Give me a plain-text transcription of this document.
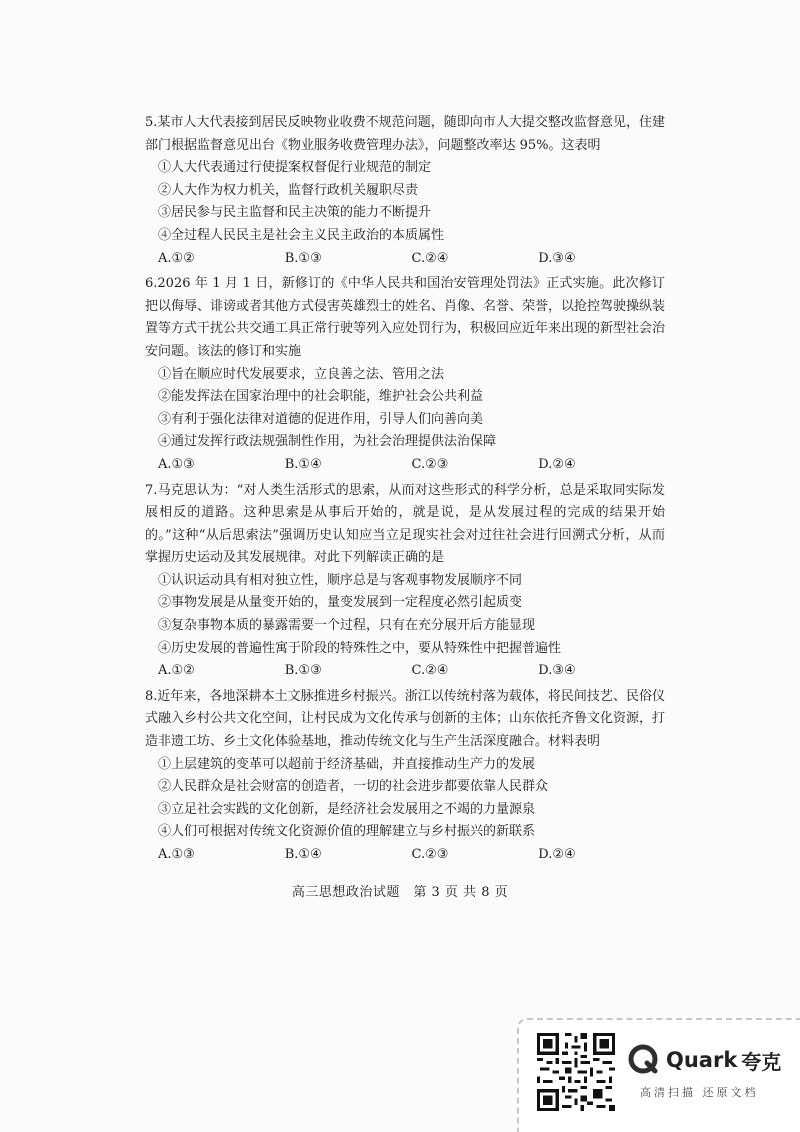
5.某市人大代表接到居民反映物业收费不规范问题，随即向市人大提交整改监督意见，住建部门根据监督意见出台《物业服务收费管理办法》，问题整改率达 95%。这表明
①人大代表通过行使提案权督促行业规范的制定
②人大作为权力机关，监督行政机关履职尽责
③居民参与民主监督和民主决策的能力不断提升
④全过程人民民主是社会主义民主政治的本质属性
A.①②	B.①③	C.②④	D.③④
6.2026 年 1 月 1 日，新修订的《中华人民共和国治安管理处罚法》正式实施。此次修订把以侮辱、诽谤或者其他方式侵害英雄烈士的姓名、肖像、名誉、荣誉，以抢控驾驶操纵装置等方式干扰公共交通工具正常行驶等列入应处罚行为，积极回应近年来出现的新型社会治安问题。该法的修订和实施
①旨在顺应时代发展要求，立良善之法、管用之法
②能发挥法在国家治理中的社会职能，维护社会公共利益
③有利于强化法律对道德的促进作用，引导人们向善向美
④通过发挥行政法规强制性作用，为社会治理提供法治保障
A.①③	B.①④	C.②③	D.②④
7.马克思认为：“对人类生活形式的思索，从而对这些形式的科学分析，总是采取同实际发展相反的道路。这种思索是从事后开始的，就是说，是从发展过程的完成的结果开始的。”这种“从后思索法”强调历史认知应当立足现实社会对过往社会进行回溯式分析，从而掌握历史运动及其发展规律。对此下列解读正确的是
①认识运动具有相对独立性，顺序总是与客观事物发展顺序不同
②事物发展是从量变开始的，量变发展到一定程度必然引起质变
③复杂事物本质的暴露需要一个过程，只有在充分展开后方能显现
④历史发展的普遍性寓于阶段的特殊性之中，要从特殊性中把握普遍性
A.①②	B.①③	C.②④	D.③④
8.近年来，各地深耕本土文脉推进乡村振兴。浙江以传统村落为载体，将民间技艺、民俗仪式融入乡村公共文化空间，让村民成为文化传承与创新的主体；山东依托齐鲁文化资源，打造非遗工坊、乡土文化体验基地，推动传统文化与生产生活深度融合。材料表明
①上层建筑的变革可以超前于经济基础，并直接推动生产力的发展
②人民群众是社会财富的创造者，一切的社会进步都要依靠人民群众
③立足社会实践的文化创新，是经济社会发展用之不竭的力量源泉
④人们可根据对传统文化资源价值的理解建立与乡村振兴的新联系
A.①③	B.①④	C.②③	D.②④
高三思想政治试题　第 3 页 共 8 页
Quark 夸克
高清扫描 还原文档
